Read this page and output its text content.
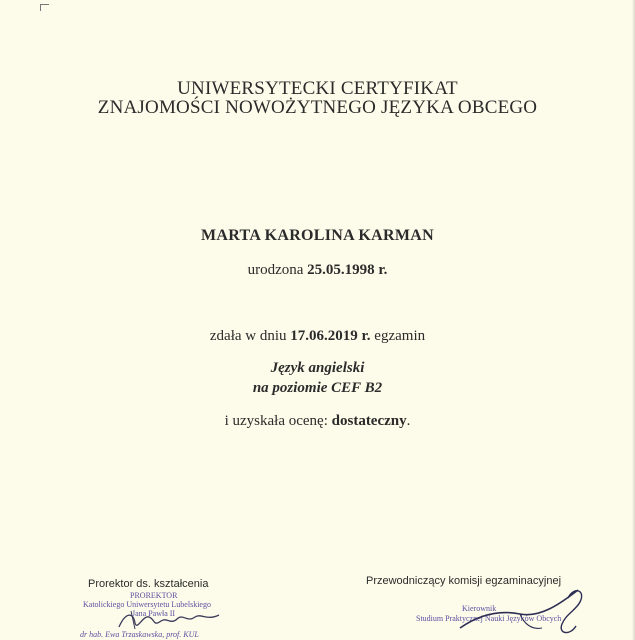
UNIWERSYTECKI CERTYFIKAT
ZNAJOMOŚCI NOWOŻYTNEGO JĘZYKA OBCEGO
MARTA KAROLINA KARMAN
urodzona 25.05.1998 r.
zdała w dniu 17.06.2019 r. egzamin
Język angielski
na poziomie CEF B2
i uzyskała ocenę: dostateczny.
Prorektor ds. kształcenia
PROREKTOR
Katolickiego Uniwersytetu Lubelskiego
Jana Pawła II
dr hab. Ewa Trzaskawska, prof. KUL
Przewodniczący komisji egzaminacyjnej
Kierownik
Studium Praktycznej Nauki Języków Obcych
